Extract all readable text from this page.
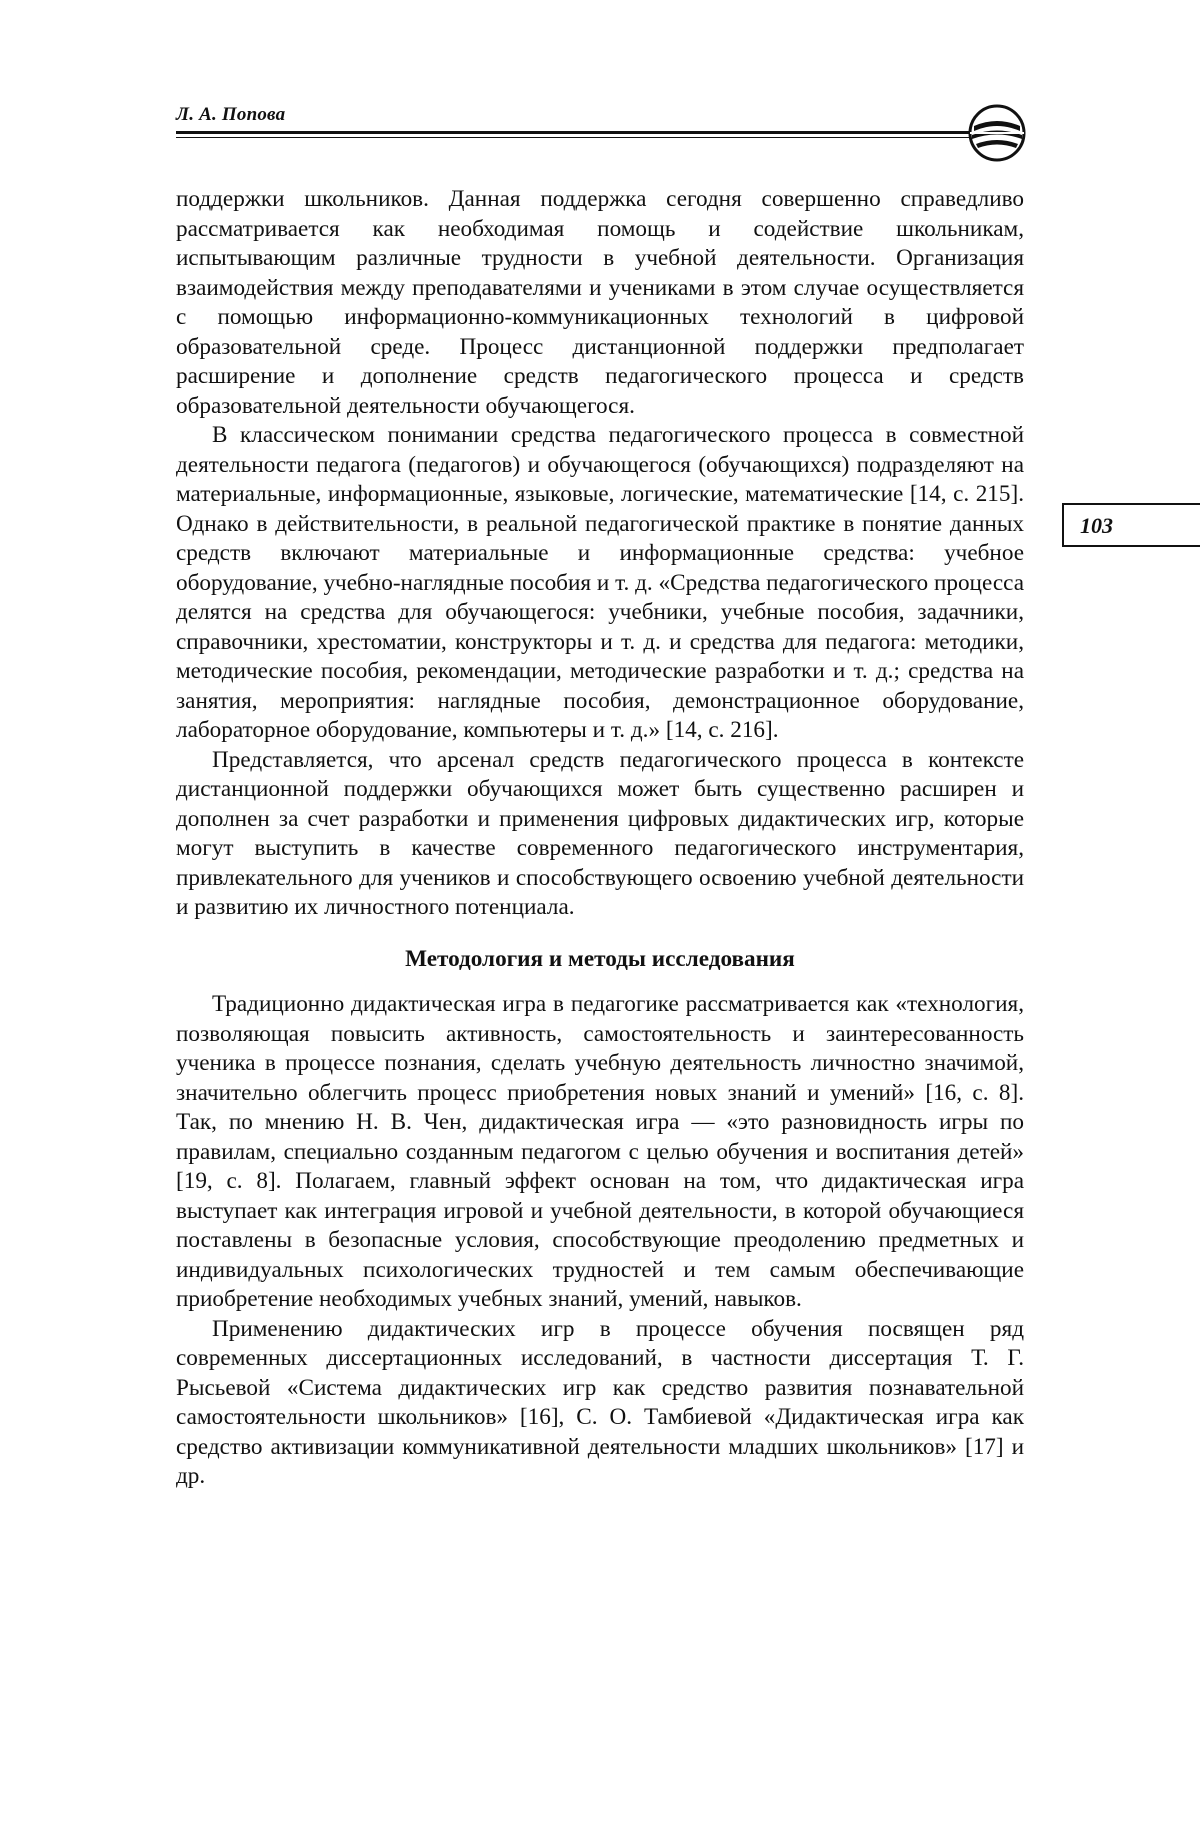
Л. А. Попова
103

поддержки школьников. Данная поддержка сегодня совершенно справедливо рассматривается как необходимая помощь и содействие школьникам, испытывающим различные трудности в учебной деятельности. Организация взаимодействия между преподавателями и учениками в этом случае осуществляется с помощью информационно-коммуникационных технологий в цифровой образовательной среде. Процесс дистанционной поддержки предполагает расширение и дополнение средств педагогического процесса и средств образовательной деятельности обучающегося.

В классическом понимании средства педагогического процесса в совместной деятельности педагога (педагогов) и обучающегося (обучающихся) подразделяют на материальные, информационные, языковые, логические, математические [14, с. 215]. Однако в действительности, в реальной педагогической практике в понятие данных средств включают материальные и информационные средства: учебное оборудование, учебно-наглядные пособия и т. д. «Средства педагогического процесса делятся на средства для обучающегося: учебники, учебные пособия, задачники, справочники, хрестоматии, конструкторы и т. д. и средства для педагога: методики, методические пособия, рекомендации, методические разработки и т. д.; средства на занятия, мероприятия: наглядные пособия, демонстрационное оборудование, лабораторное оборудование, компьютеры и т. д.» [14, с. 216].

Представляется, что арсенал средств педагогического процесса в контексте дистанционной поддержки обучающихся может быть существенно расширен и дополнен за счет разработки и применения цифровых дидактических игр, которые могут выступить в качестве современного педагогического инструментария, привлекательного для учеников и способствующего освоению учебной деятельности и развитию их личностного потенциала.

Методология и методы исследования

Традиционно дидактическая игра в педагогике рассматривается как «технология, позволяющая повысить активность, самостоятельность и заинтересованность ученика в процессе познания, сделать учебную деятельность личностно значимой, значительно облегчить процесс приобретения новых знаний и умений» [16, с. 8]. Так, по мнению Н. В. Чен, дидактическая игра — «это разновидность игры по правилам, специально созданным педагогом с целью обучения и воспитания детей» [19, с. 8]. Полагаем, главный эффект основан на том, что дидактическая игра выступает как интеграция игровой и учебной деятельности, в которой обучающиеся поставлены в безопасные условия, способствующие преодолению предметных и индивидуальных психологических трудностей и тем самым обеспечивающие приобретение необходимых учебных знаний, умений, навыков.

Применению дидактических игр в процессе обучения посвящен ряд современных диссертационных исследований, в частности диссертация Т. Г. Рысьевой «Система дидактических игр как средство развития познавательной самостоятельности школьников» [16], С. О. Тамбиевой «Дидактическая игра как средство активизации коммуникативной деятельности младших школьников» [17] и др.
